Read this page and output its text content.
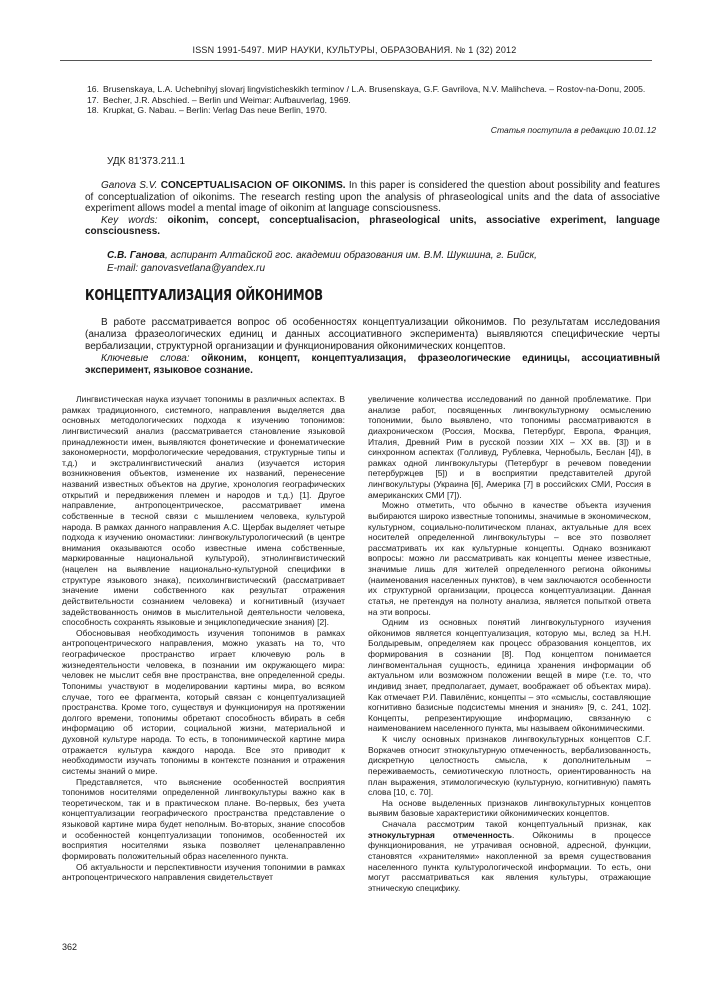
ISSN 1991-5497. МИР НАУКИ, КУЛЬТУРЫ, ОБРАЗОВАНИЯ. № 1 (32) 2012
16. Brusenskaya, L.A. Uchebnihyj slovarj lingvisticheskikh terminov / L.A. Brusenskaya, G.F. Gavrilova, N.V. Malihcheva. – Rostov-na-Donu, 2005.
17. Becher, J.R. Abschied. – Berlin und Weimar: Aufbauverlag, 1969.
18. Krupkat, G. Nabau. – Berlin: Verlag Das neue Berlin, 1970.
Статья поступила в редакцию 10.01.12
УДК 81'373.211.1

Ganova S.V. CONCEPTUALISACION OF OIKONIMS. In this paper is considered the question about possibility and features of conceptualization of oikonims. The research resting upon the analysis of phraseological units and the data of associative experiment allows model a mental image of oikonim at language consciousness.

Key words: oikonim, concept, conceptualisacion, phraseological units, associative experiment, language consciousness.

С.В. Ганова, аспирант Алтайской гос. академии образования им. В.М. Шукшина, г. Бийск,
E-mail: ganovasvetlana@yandex.ru
КОНЦЕПТУАЛИЗАЦИЯ ОЙКОНИМОВ

В работе рассматривается вопрос об особенностях концептуализации ойконимов. По результатам исследования (анализа фразеологических единиц и данных ассоциативного эксперимента) выявляются специфические черты вербализации, структурной организации и функционирования ойконимических концептов.

Ключевые слова: ойконим, концепт, концептуализация, фразеологические единицы, ассоциативный эксперимент, языковое сознание.

Лингвистическая наука изучает топонимы в различных аспектах. В рамках традиционного, системного, направления выделяется два основных методологических подхода к изучению топонимов: лингвистический анализ (рассматривается становление языковой принадлежности имен, выявляются фонетические и фонематические закономерности, морфологические чередования, структурные типы и т.д.) и экстралингвистический анализ (изучается история возникновения объектов, изменение их названий, перенесение названий известных объектов на другие, хронология географических открытий и передвижения племен и народов и т.д.) [1]. Другое направление, антропоцентрическое, рассматривает имена собственные в тесной связи с мышлением человека, культурой народа. В рамках данного направления А.С. Щербак выделяет четыре подхода к изучению ономастики: лингвокультурологический (в центре внимания оказываются особо известные имена собственные, маркированные национальной культурой), этнолингвистический (нацелен на выявление национально-культурной специфики в структуре языкового знака), психолингвистический (рассматривает значение имени собственного как результат отражения действительности сознанием человека) и когнитивный (изучает задействованность онимов в мыслительной деятельности человека, способность сохранять языковые и энциклопедические знания) [2].

Обосновывая необходимость изучения топонимов в рамках антропоцентрического направления, можно указать на то, что географическое пространство играет ключевую роль в жизнедеятельности человека, в познании им окружающего мира: человек не мыслит себя вне пространства, вне определенной среды. Топонимы участвуют в моделировании картины мира, во всяком случае, того ее фрагмента, который связан с концептуализацией пространства. Кроме того, существуя и функционируя на протяжении долгого времени, топонимы обретают способность вбирать в себя информацию об истории, социальной жизни, материальной и духовной культуре народа. То есть, в топонимической картине мира отражается культура каждого народа. Все это приводит к необходимости изучать топонимы в контексте познания и отражения системы знаний о мире.

Представляется, что выяснение особенностей восприятия топонимов носителями определенной лингвокультуры важно как в теоретическом, так и в практическом плане. Во-первых, без учета концептуализации географического пространства представление о языковой картине мира будет неполным. Во-вторых, знание способов и особенностей концептуализации топонимов, особенностей их восприятия носителями языка позволяет целенаправленно формировать положительный образ населенного пункта.

Об актуальности и перспективности изучения топонимии в рамках антропоцентрического направления свидетельствует

увеличение количества исследований по данной проблематике. При анализе работ, посвященных лингвокультурному осмыслению топонимии, было выявлено, что топонимы рассматриваются в диахроническом (Россия, Москва, Петербург, Европа, Франция, Италия, Древний Рим в русской поэзии XIX – XX вв. [3]) и в синхронном аспектах (Голливуд, Рублевка, Чернобыль, Беслан [4]), в рамках одной лингвокультуры (Петербург в речевом поведении петербуржцев [5]) и в восприятии представителей другой лингвокультуры (Украина [6], Америка [7] в российских СМИ, Россия в американских СМИ [7]).

Можно отметить, что обычно в качестве объекта изучения выбираются широко известные топонимы, значимые в экономическом, культурном, социально-политическом планах, актуальные для всех носителей определенной лингвокультуры – все это позволяет рассматривать их как культурные концепты. Однако возникают вопросы: можно ли рассматривать как концепты менее известные, значимые лишь для жителей определенного региона ойконимы (наименования населенных пунктов), в чем заключаются особенности их структурной организации, процесса концептуализации. Данная статья, не претендуя на полноту анализа, является попыткой ответа на эти вопросы.

Одним из основных понятий лингвокультурного изучения ойконимов является концептуализация, которую мы, вслед за Н.Н. Болдыревым, определяем как процесс образования концептов, их формирования в сознании [8]. Под концептом понимается лингвоментальная сущность, единица хранения информации об актуальном или возможном положении вещей в мире (т.е. то, что индивид знает, предполагает, думает, воображает об объектах мира). Как отмечает Р.И. Павилёнис, концепты – это «смыслы, составляющие когнитивно базисные подсистемы мнения и знания» [9, с. 241, 102]. Концепты, репрезентирующие информацию, связанную с наименованием населенного пункта, мы называем ойконимическими.

К числу основных признаков лингвокультурных концептов С.Г. Воркачев относит этнокультурную отмеченность, вербализованность, дискретную целостность смысла, к дополнительным – переживаемость, семиотическую плотность, ориентированность на план выражения, этимологическую (культурную, когнитивную) память слова [10, с. 70].

На основе выделенных признаков лингвокультурных концептов выявим базовые характеристики ойконимических концептов.

Сначала рассмотрим такой концептуальный признак, как этнокультурная отмеченность. Ойконимы в процессе функционирования, не утрачивая основной, адресной, функции, становятся «хранителями» накопленной за время существования населенного пункта культурологической информации. То есть, они могут рассматриваться как явления культуры, отражающие этническую специфику.

362
